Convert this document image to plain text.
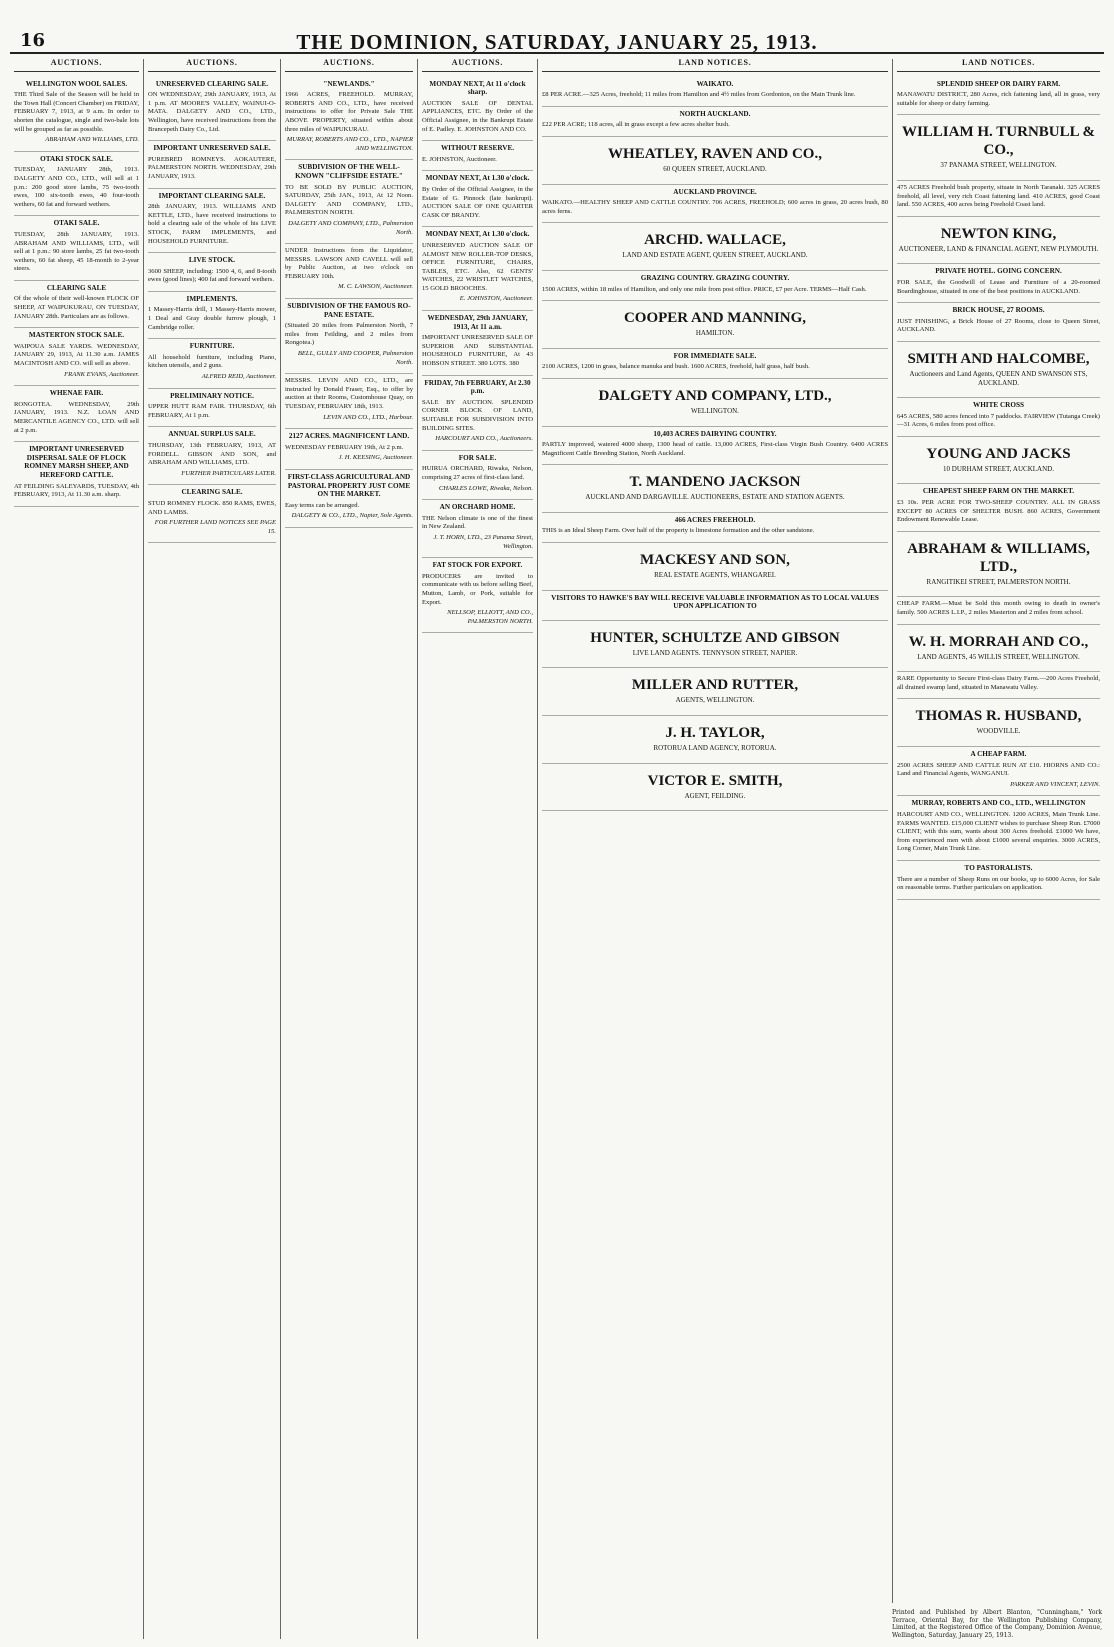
16	THE DOMINION, SATURDAY, JANUARY 25, 1913.
AUCTIONS.
WELLINGTON WOOL SALES.
THE Third Sale of the Season will be held in the Town Hall (Concert Chamber) on FRIDAY, FEBRUARY 7, 1913, at 9 a.m. In order to shorten the catalogue, single and two-bale lots will be grouped as far as possible.
ABRAHAM AND WILLIAMS, LTD.
OTAKI STOCK SALE.
TUESDAY, JANUARY 28th, 1913. DALGETY AND CO., LTD., will sell at 1 p.m.: 200 good store lambs, 75 two-tooth ewes, 100 six-tooth ewes, 40 four-tooth wethers, 60 fat and forward wethers.
OTAKI SALE.
TUESDAY, 28th JANUARY, 1913. ABRAHAM AND WILLIAMS, LTD., will sell at 1 p.m.: 90 store lambs, 25 fat two-tooth wethers, 60 fat sheep, 45 18-month to 2-year steers.
CLEARING SALE
Of the whole of their well-known FLOCK OF SHEEP, AT WAIPUKURAU, ON TUESDAY, JANUARY 28th. Particulars are as follows.
MASTERTON STOCK SALE.
WAIPOUA SALE YARDS. WEDNESDAY, JANUARY 29, 1913, At 11.30 a.m. JAMES MACINTOSH AND CO. will sell as above.
FRANK EVANS, Auctioneer.
WHENAE FAIR.
RONGOTEA. WEDNESDAY, 29th JANUARY, 1913. N.Z. LOAN AND MERCANTILE AGENCY CO., LTD. will sell at 2 p.m.
IMPORTANT UNRESERVED DISPERSAL SALE OF FLOCK ROMNEY MARSH SHEEP, AND HEREFORD CATTLE.
AT FEILDING SALEYARDS, TUESDAY, 4th FEBRUARY, 1913, At 11.30 a.m. sharp.
AUCTIONS.
UNRESERVED CLEARING SALE.
ON WEDNESDAY, 29th JANUARY, 1913, At 1 p.m. AT MOORE'S VALLEY, WAINUI-O-MATA. DALGETY AND CO., LTD., Wellington, have received instructions from the Brancepeth Dairy Co., Ltd.
IMPORTANT UNRESERVED SALE.
PUREBRED ROMNEYS. AOKAUTERE, PALMERSTON NORTH. WEDNESDAY, 29th JANUARY, 1913.
IMPORTANT CLEARING SALE.
28th JANUARY, 1913. WILLIAMS AND KETTLE, LTD., have received instructions to hold a clearing sale of the whole of his LIVE STOCK, FARM IMPLEMENTS, and HOUSEHOLD FURNITURE.
LIVE STOCK.
3600 SHEEP, including: 1500 4, 6, and 8-tooth ewes (good lines); 400 fat and forward wethers.
IMPLEMENTS.
1 Massey-Harris drill, 1 Massey-Harris mower, 1 Deal and Gray double furrow plough, 1 Cambridge roller.
FURNITURE.
All household furniture, including Piano, kitchen utensils, and 2 guns.
ALFRED REID, Auctioneer.
PRELIMINARY NOTICE.
UPPER HUTT RAM FAIR. THURSDAY, 6th FEBRUARY, At 1 p.m.
ANNUAL SURPLUS SALE.
THURSDAY, 13th FEBRUARY, 1913, AT FORDELL. GIBSON AND SON, and ABRAHAM AND WILLIAMS, LTD.
FURTHER PARTICULARS LATER.
CLEARING SALE.
STUD ROMNEY FLOCK. 850 RAMS, EWES, AND LAMBS.
FOR FURTHER LAND NOTICES SEE PAGE 15.
AUCTIONS.
"NEWLANDS."
1966 ACRES, FREEHOLD. MURRAY, ROBERTS AND CO., LTD., have received instructions to offer for Private Sale THE ABOVE PROPERTY, situated within about three miles of WAIPUKURAU.
MURRAY, ROBERTS AND CO., LTD., NAPIER AND WELLINGTON.
SUBDIVISION OF THE WELL-KNOWN "CLIFFSIDE ESTATE."
TO BE SOLD BY PUBLIC AUCTION, SATURDAY, 25th JAN., 1913, At 12 Noon. DALGETY AND COMPANY, LTD., PALMERSTON NORTH.
DALGETY AND COMPANY, LTD., Palmerston North.
UNDER Instructions from the Liquidator, MESSRS. LAWSON AND CAVELL will sell by Public Auction, at two o'clock on FEBRUARY 10th.
M. C. LAWSON, Auctioneer.
SUBDIVISION OF THE FAMOUS RO-PANE ESTATE.
(Situated 20 miles from Palmerston North, 7 miles from Feilding, and 2 miles from Rongotea.)
BELL, GULLY AND COOPER, Palmerston North.
MESSRS. LEVIN AND CO., LTD., are instructed by Donald Fraser, Esq., to offer by auction at their Rooms, Customhouse Quay, on TUESDAY, FEBRUARY 18th, 1913.
LEVIN AND CO., LTD., Harbour.
2127 ACRES. MAGNIFICENT LAND.
WEDNESDAY FEBRUARY 19th, At 2 p.m.
J. H. KEESING, Auctioneer.
FIRST-CLASS AGRICULTURAL AND PASTORAL PROPERTY JUST COME ON THE MARKET.
Easy terms can be arranged.
DALGETY & CO., LTD., Napier, Sole Agents.
AUCTIONS.
MONDAY NEXT, At 11 o'clock sharp.
AUCTION SALE OF DENTAL APPLIANCES, ETC. By Order of the Official Assignee, in the Bankrupt Estate of E. Padley. E. JOHNSTON AND CO.
WITHOUT RESERVE.
E. JOHNSTON, Auctioneer.
MONDAY NEXT, At 1.30 o'clock.
By Order of the Official Assignee, in the Estate of G. Pinnock (late bankrupt). AUCTION SALE OF ONE QUARTER CASK OF BRANDY.
MONDAY NEXT, At 1.30 o'clock.
UNRESERVED AUCTION SALE OF ALMOST NEW ROLLER-TOP DESKS, OFFICE FURNITURE, CHAIRS, TABLES, ETC. Also, 62 GENTS' WATCHES, 22 WRISTLET WATCHES, 15 GOLD BROOCHES.
E. JOHNSTON, Auctioneer.
WEDNESDAY, 29th JANUARY, 1913, At 11 a.m.
IMPORTANT UNRESERVED SALE OF SUPERIOR AND SUBSTANTIAL HOUSEHOLD FURNITURE, At 43 HOBSON STREET. 380 LOTS. 380
FRIDAY, 7th FEBRUARY, At 2.30 p.m.
SALE BY AUCTION. SPLENDID CORNER BLOCK OF LAND, SUITABLE FOR SUBDIVISION INTO BUILDING SITES.
HARCOURT AND CO., Auctioneers.
FOR SALE.
HUIRUA ORCHARD, Riwaka, Nelson, comprising 27 acres of first-class land.
CHARLES LOWE, Riwaka, Nelson.
AN ORCHARD HOME.
THE Nelson climate is one of the finest in New Zealand.
J. T. HORN, LTD., 23 Panama Street, Wellington.
FAT STOCK FOR EXPORT.
PRODUCERS are invited to communicate with us before selling Beef, Mutton, Lamb, or Pork, suitable for Export.
NELLSOP, ELLIOTT, AND CO., PALMERSTON NORTH.
LAND NOTICES.
WAIKATO.
£8 PER ACRE.—325 Acres, freehold; 11 miles from Hamilton and 4½ miles from Gordonton, on the Main Trunk line.
NORTH AUCKLAND.
£22 PER ACRE; 118 acres, all in grass except a few acres shelter bush.
WHEATLEY, RAVEN AND CO.,
60 QUEEN STREET, AUCKLAND.
AUCKLAND PROVINCE.
WAIKATO.—HEALTHY SHEEP AND CATTLE COUNTRY. 706 ACRES, FREEHOLD; 600 acres in grass, 20 acres bush, 80 acres ferns.
ARCHD. WALLACE,
LAND AND ESTATE AGENT, QUEEN STREET, AUCKLAND.
GRAZING COUNTRY. GRAZING COUNTRY.
1500 ACRES, within 18 miles of Hamilton, and only one mile from post office. PRICE, £7 per Acre. TERMS—Half Cash.
COOPER AND MANNING,
HAMILTON.
FOR IMMEDIATE SALE.
2100 ACRES, 1200 in grass, balance manuka and bush. 1600 ACRES, freehold, half grass, half bush.
DALGETY AND COMPANY, LTD.,
WELLINGTON.
10,403 ACRES DAIRYING COUNTRY.
PARTLY improved, watered 4000 sheep, 1300 head of cattle. 13,000 ACRES, First-class Virgin Bush Country. 6400 ACRES Magnificent Cattle Breeding Station, North Auckland.
T. MANDENO JACKSON
AUCKLAND AND DARGAVILLE. AUCTIONEERS, ESTATE AND STATION AGENTS.
466 ACRES FREEHOLD.
THIS is an Ideal Sheep Farm. Over half of the property is limestone formation and the other sandstone.
MACKESY AND SON,
REAL ESTATE AGENTS, WHANGAREI.
VISITORS TO HAWKE'S BAY WILL RECEIVE VALUABLE INFORMATION AS TO LOCAL VALUES UPON APPLICATION TO
HUNTER, SCHULTZE AND GIBSON
LIVE LAND AGENTS. TENNYSON STREET, NAPIER.
MILLER AND RUTTER,
AGENTS, WELLINGTON.
J. H. TAYLOR,
ROTORUA LAND AGENCY, ROTORUA.
VICTOR E. SMITH,
AGENT, FEILDING.
LAND NOTICES.
SPLENDID SHEEP OR DAIRY FARM.
MANAWATU DISTRICT, 280 Acres, rich fattening land, all in grass, very suitable for sheep or dairy farming.
WILLIAM H. TURNBULL & CO.,
37 PANAMA STREET, WELLINGTON.
475 ACRES Freehold bush property, situate in North Taranaki. 325 ACRES freehold, all level, very rich Coast fattening land. 410 ACRES, good Coast land. 550 ACRES, 400 acres being Freehold Coast land.
NEWTON KING,
AUCTIONEER, LAND & FINANCIAL AGENT, NEW PLYMOUTH.
PRIVATE HOTEL. GOING CONCERN.
FOR SALE, the Goodwill of Lease and Furniture of a 20-roomed Boardinghouse, situated in one of the best positions in AUCKLAND.
BRICK HOUSE, 27 ROOMS.
JUST FINISHING, a Brick House of 27 Rooms, close to Queen Street, AUCKLAND.
SMITH AND HALCOMBE,
Auctioneers and Land Agents, QUEEN AND SWANSON STS, AUCKLAND.
WHITE CROSS
645 ACRES, 580 acres fenced into 7 paddocks. FAIRVIEW (Tutanga Creek)—31 Acres, 6 miles from post office.
YOUNG AND JACKS
10 DURHAM STREET, AUCKLAND.
CHEAPEST SHEEP FARM ON THE MARKET.
£3 10s. PER ACRE FOR TWO-SHEEP COUNTRY. ALL IN GRASS EXCEPT 80 ACRES OF SHELTER BUSH. 860 ACRES, Government Endowment Renewable Lease.
ABRAHAM & WILLIAMS, LTD.,
RANGITIKEI STREET, PALMERSTON NORTH.
CHEAP FARM.—Must be Sold this month owing to death in owner's family. 500 ACRES L.I.P., 2 miles Masterton and 2 miles from school.
W. H. MORRAH AND CO.,
LAND AGENTS, 45 WILLIS STREET, WELLINGTON.
RARE Opportunity to Secure First-class Dairy Farm.—200 Acres Freehold, all drained swamp land, situated in Manawatu Valley.
THOMAS R. HUSBAND,
WOODVILLE.
A CHEAP FARM.
2500 ACRES SHEEP AND CATTLE RUN AT £10. HIORNS AND CO.: Land and Financial Agents, WANGANUI.
PARKER AND VINCENT, LEVIN.
MURRAY, ROBERTS AND CO., LTD., WELLINGTON
HARCOURT AND CO., WELLINGTON. 1200 ACRES, Main Trunk Line. FARMS WANTED. £15,000 CLIENT wishes to purchase Sheep Run. £7000 CLIENT, with this sum, wants about 300 Acres freehold. £1000 We have, from experienced men with about £1000 several enquiries. 3000 ACRES, Long Corner, Main Trunk Line.
TO PASTORALISTS.
There are a number of Sheep Runs on our books, up to 6000 Acres, for Sale on reasonable terms. Further particulars on application.
Printed and Published by Albert Blanton, "Cunningham," York Terrace, Oriental Bay, for the Wellington Publishing Company, Limited, at the Registered Office of the Company, Dominion Avenue, Wellington, Saturday, January 25, 1913.
